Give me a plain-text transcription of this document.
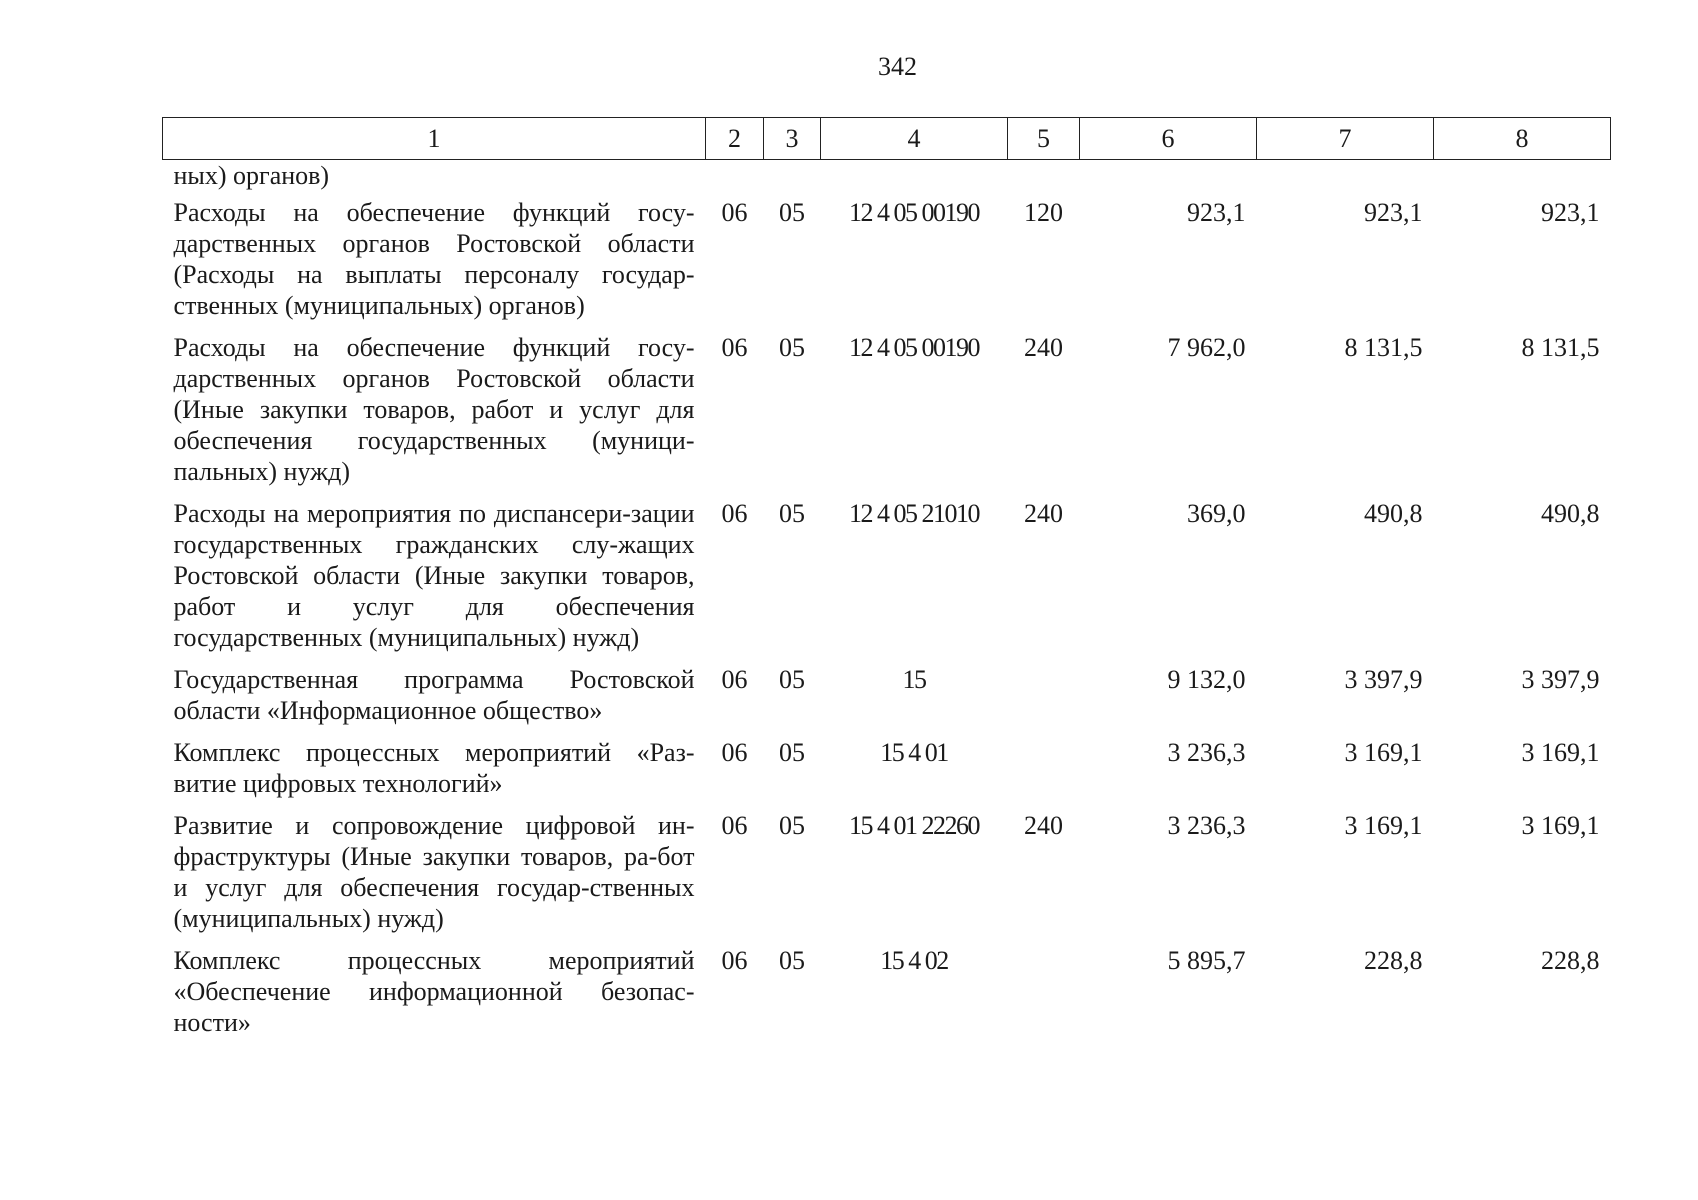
342
1	2	3	4	5	6	7	8
ных) органов)							
Расходы на обеспечение функций госу-дарственных органов Ростовской области (Расходы на выплаты персоналу государ-ственных (муниципальных) органов)	06	05	12 4 05 00190	120	923,1	923,1	923,1
Расходы на обеспечение функций госу-дарственных органов Ростовской области (Иные закупки товаров, работ и услуг для обеспечения государственных (муници-пальных) нужд)	06	05	12 4 05 00190	240	7 962,0	8 131,5	8 131,5
Расходы на мероприятия по диспансери-зации государственных гражданских слу-жащих Ростовской области (Иные закупки товаров, работ и услуг для обеспечения государственных (муниципальных) нужд)	06	05	12 4 05 21010	240	369,0	490,8	490,8
Государственная программа Ростовской области «Информационное общество»	06	05	15		9 132,0	3 397,9	3 397,9
Комплекс процессных мероприятий «Раз-витие цифровых технологий»	06	05	15 4 01		3 236,3	3 169,1	3 169,1
Развитие и сопровождение цифровой ин-фраструктуры (Иные закупки товаров, ра-бот и услуг для обеспечения государ-ственных (муниципальных) нужд)	06	05	15 4 01 22260	240	3 236,3	3 169,1	3 169,1
Комплекс процессных мероприятий «Обеспечение информационной безопас-ности»	06	05	15 4 02		5 895,7	228,8	228,8
